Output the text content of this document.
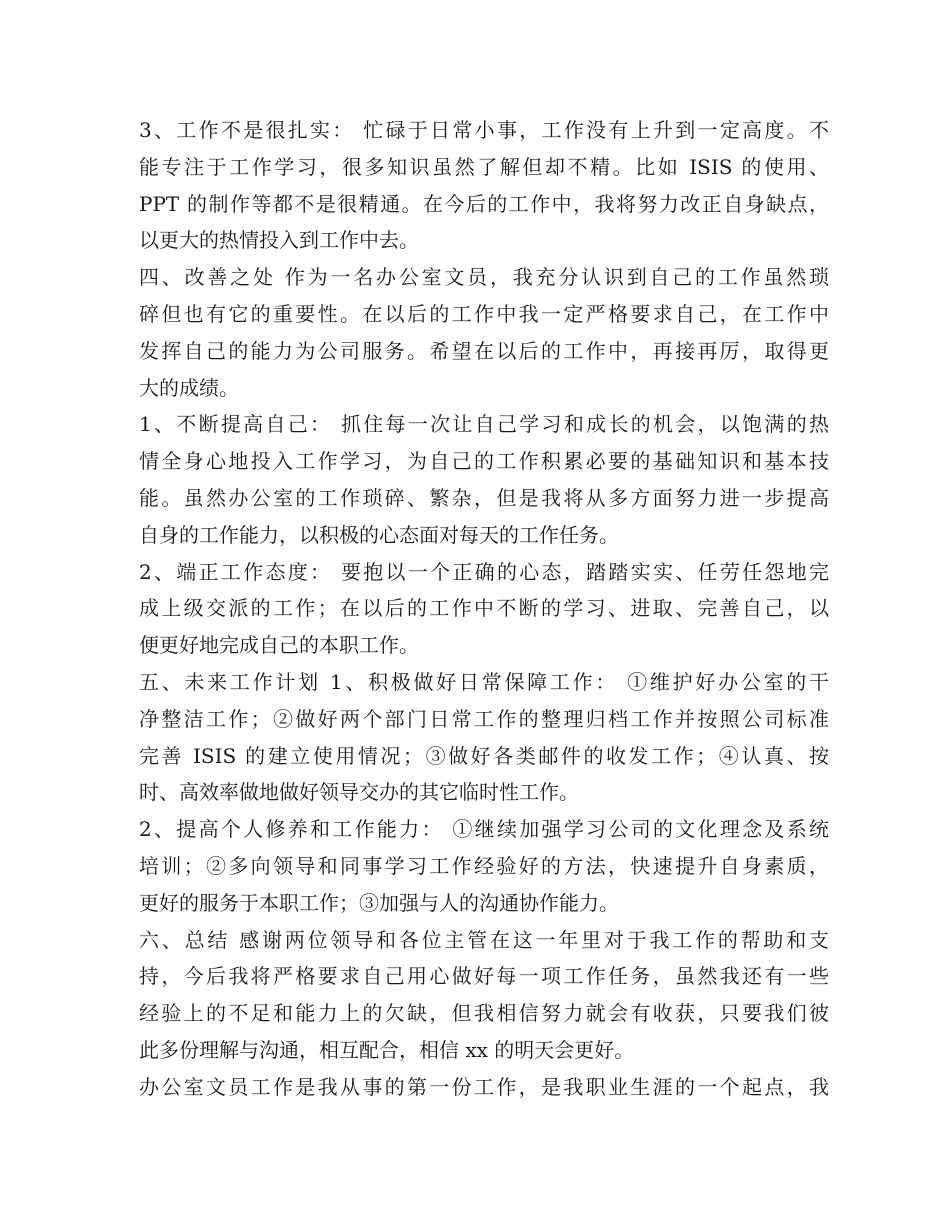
3、工作不是很扎实： 忙碌于日常小事，工作没有上升到一定高度。不
能专注于工作学习，很多知识虽然了解但却不精。比如 ISIS 的使用、
PPT 的制作等都不是很精通。在今后的工作中，我将努力改正自身缺点，
以更大的热情投入到工作中去。
四、改善之处 作为一名办公室文员，我充分认识到自己的工作虽然琐
碎但也有它的重要性。在以后的工作中我一定严格要求自己，在工作中
发挥自己的能力为公司服务。希望在以后的工作中，再接再厉，取得更
大的成绩。
1、不断提高自己： 抓住每一次让自己学习和成长的机会，以饱满的热
情全身心地投入工作学习，为自己的工作积累必要的基础知识和基本技
能。虽然办公室的工作琐碎、繁杂，但是我将从多方面努力进一步提高
自身的工作能力，以积极的心态面对每天的工作任务。
2、端正工作态度： 要抱以一个正确的心态，踏踏实实、任劳任怨地完
成上级交派的工作；在以后的工作中不断的学习、进取、完善自己，以
便更好地完成自己的本职工作。
五、未来工作计划 1、积极做好日常保障工作： ①维护好办公室的干
净整洁工作；②做好两个部门日常工作的整理归档工作并按照公司标准
完善 ISIS 的建立使用情况；③做好各类邮件的收发工作；④认真、按
时、高效率做地做好领导交办的其它临时性工作。
2、提高个人修养和工作能力： ①继续加强学习公司的文化理念及系统
培训；②多向领导和同事学习工作经验好的方法，快速提升自身素质，
更好的服务于本职工作；③加强与人的沟通协作能力。
六、总结 感谢两位领导和各位主管在这一年里对于我工作的帮助和支
持，今后我将严格要求自己用心做好每一项工作任务，虽然我还有一些
经验上的不足和能力上的欠缺，但我相信努力就会有收获，只要我们彼
此多份理解与沟通，相互配合，相信 xx 的明天会更好。
办公室文员工作是我从事的第一份工作，是我职业生涯的一个起点，我
